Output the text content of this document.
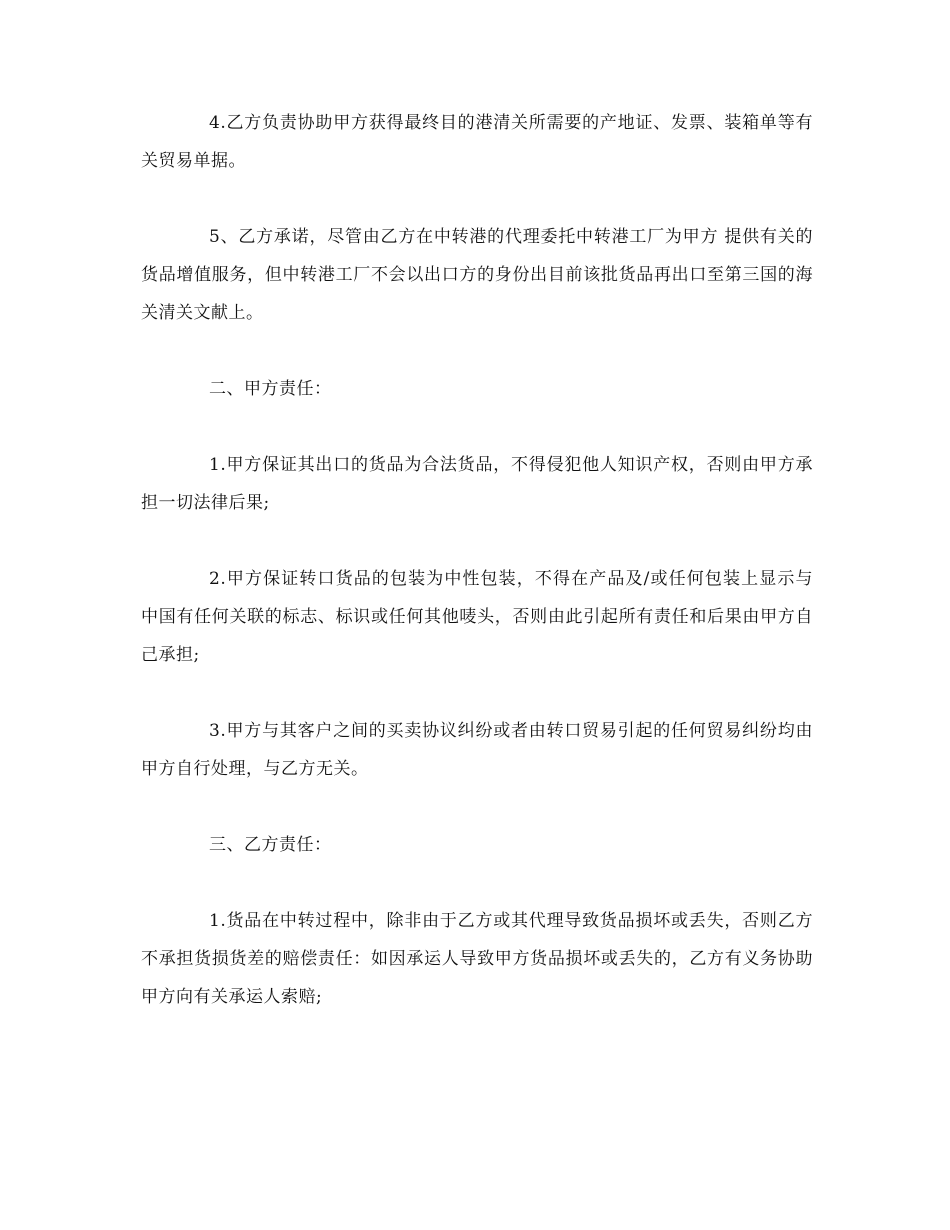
4.乙方负责协助甲方获得最终目的港清关所需要的产地证、发票、装箱单等有关贸易单据。

5、乙方承诺，尽管由乙方在中转港的代理委托中转港工厂为甲方 提供有关的货品增值服务，但中转港工厂不会以出口方的身份出目前该批货品再出口至第三国的海关清关文献上。

二、甲方责任：

1.甲方保证其出口的货品为合法货品，不得侵犯他人知识产权，否则由甲方承担一切法律后果;

2.甲方保证转口货品的包装为中性包装，不得在产品及/或任何包装上显示与 中国有任何关联的标志、标识或任何其他唛头，否则由此引起所有责任和后果由甲方自己承担;

3.甲方与其客户之间的买卖协议纠纷或者由转口贸易引起的任何贸易纠纷均由甲方自行处理，与乙方无关。

三、乙方责任：

1.货品在中转过程中，除非由于乙方或其代理导致货品损坏或丢失，否则乙方不承担货损货差的赔偿责任：如因承运人导致甲方货品损坏或丢失的，乙方有义务协助甲方向有关承运人索赔;
